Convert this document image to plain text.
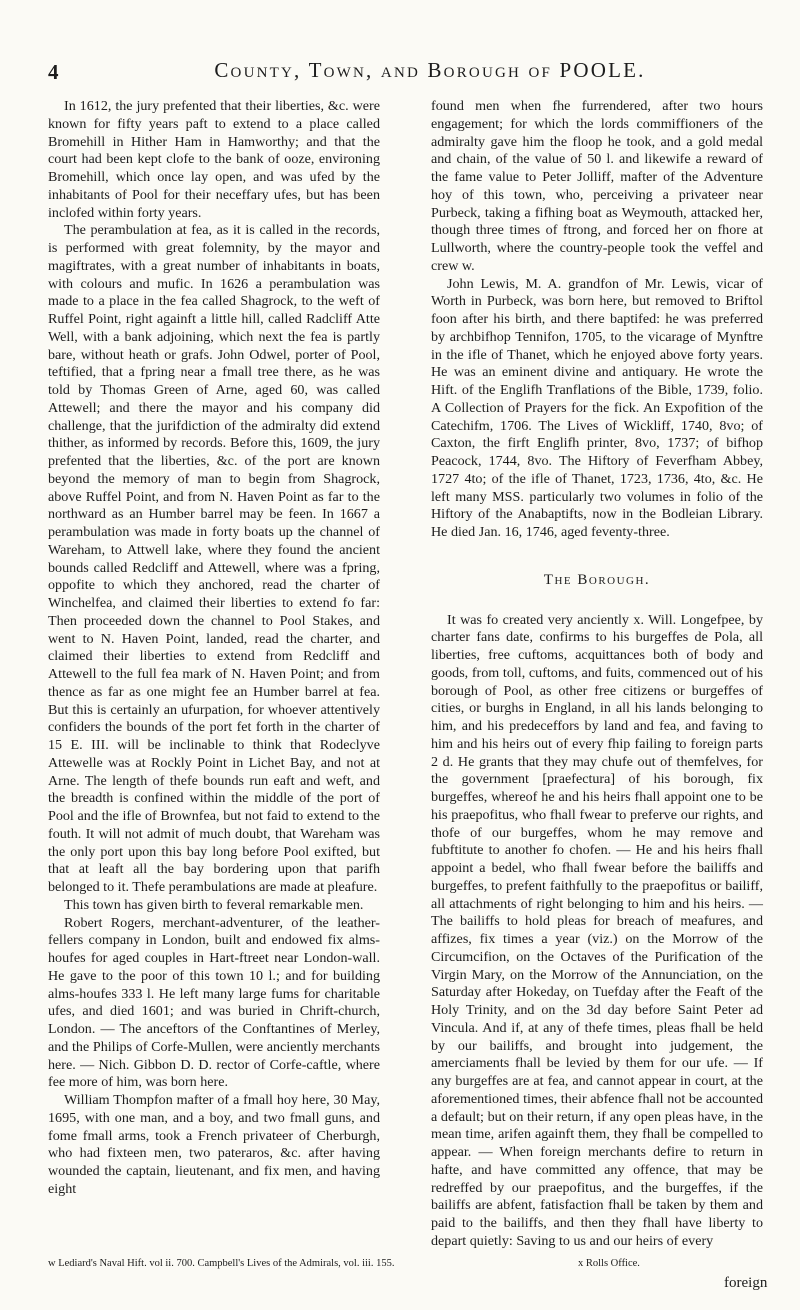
4	County, Town, and Borough of POOLE.

In 1612, the jury prefented that their liberties, &c. were known for fifty years paft to extend to a place called Bromehill in Hither Ham in Hamworthy; and that the court had been kept clofe to the bank of ooze, environing Bromehill, which once lay open, and was ufed by the inhabitants of Pool for their neceffary ufes, but has been inclofed within forty years.

The perambulation at fea, as it is called in the records, is performed with great folemnity, by the mayor and magiftrates, with a great number of inhabitants in boats, with colours and mufic. In 1626 a perambulation was made to a place in the fea called Shagrock, to the weft of Ruffel Point, right againft a little hill, called Radcliff Atte Well, with a bank adjoining, which next the fea is partly bare, without heath or grafs. John Odwel, porter of Pool, teftified, that a fpring near a fmall tree there, as he was told by Thomas Green of Arne, aged 60, was called Attewell; and there the mayor and his company did challenge, that the jurifdiction of the admiralty did extend thither, as informed by records. Before this, 1609, the jury prefented that the liberties, &c. of the port are known beyond the memory of man to begin from Shagrock, above Ruffel Point, and from N. Haven Point as far to the northward as an Humber barrel may be feen. In 1667 a perambulation was made in forty boats up the channel of Wareham, to Attwell lake, where they found the ancient bounds called Redcliff and Attewell, where was a fpring, oppofite to which they anchored, read the charter of Winchelfea, and claimed their liberties to extend fo far: Then proceeded down the channel to Pool Stakes, and went to N. Haven Point, landed, read the charter, and claimed their liberties to extend from Redcliff and Attewell to the full fea mark of N. Haven Point; and from thence as far as one might fee an Humber barrel at fea. But this is certainly an ufurpation, for whoever attentively confiders the bounds of the port fet forth in the charter of 15 E. III. will be inclinable to think that Rodeclyve Attewelle was at Rockly Point in Lichet Bay, and not at Arne. The length of thefe bounds run eaft and weft, and the breadth is confined within the middle of the port of Pool and the ifle of Brownfea, but not faid to extend to the fouth. It will not admit of much doubt, that Wareham was the only port upon this bay long before Pool exifted, but that at leaft all the bay bordering upon that parifh belonged to it. Thefe perambulations are made at pleafure.

This town has given birth to feveral remarkable men.

Robert Rogers, merchant-adventurer, of the leather-fellers company in London, built and endowed fix alms-houfes for aged couples in Hart-ftreet near London-wall. He gave to the poor of this town 10 l.; and for building alms-houfes 333 l. He left many large fums for charitable ufes, and died 1601; and was buried in Chrift-church, London. — The anceftors of the Conftantines of Merley, and the Philips of Corfe-Mullen, were anciently merchants here. — Nich. Gibbon D. D. rector of Corfe-caftle, where fee more of him, was born here.

William Thompfon mafter of a fmall hoy here, 30 May, 1695, with one man, and a boy, and two fmall guns, and fome fmall arms, took a French privateer of Cherburgh, who had fixteen men, two pateraros, &c. after having wounded the captain, lieutenant, and fix men, and having eight

found men when fhe furrendered, after two hours engagement; for which the lords commiffioners of the admiralty gave him the floop he took, and a gold medal and chain, of the value of 50 l. and likewife a reward of the fame value to Peter Jolliff, mafter of the Adventure hoy of this town, who, perceiving a privateer near Purbeck, taking a fifhing boat as Weymouth, attacked her, though three times of ftrong, and forced her on fhore at Lullworth, where the country-people took the veffel and crew w.

John Lewis, M. A. grandfon of Mr. Lewis, vicar of Worth in Purbeck, was born here, but removed to Briftol foon after his birth, and there baptifed: he was preferred by archbifhop Tennifon, 1705, to the vicarage of Mynftre in the ifle of Thanet, which he enjoyed above forty years. He was an eminent divine and antiquary. He wrote the Hift. of the Englifh Tranflations of the Bible, 1739, folio. A Collection of Prayers for the fick. An Expofition of the Catechifm, 1706. The Lives of Wickliff, 1740, 8vo; of Caxton, the firft Englifh printer, 8vo, 1737; of bifhop Peacock, 1744, 8vo. The Hiftory of Feverfham Abbey, 1727 4to; of the ifle of Thanet, 1723, 1736, 4to, &c. He left many MSS. particularly two volumes in folio of the Hiftory of the Anabaptifts, now in the Bodleian Library. He died Jan. 16, 1746, aged feventy-three.

The Borough.

It was fo created very anciently x. Will. Longefpee, by charter fans date, confirms to his burgeffes de Pola, all liberties, free cuftoms, acquittances both of body and goods, from toll, cuftoms, and fuits, commenced out of his borough of Pool, as other free citizens or burgeffes of cities, or burghs in England, in all his lands belonging to him, and his predeceffors by land and fea, and faving to him and his heirs out of every fhip failing to foreign parts 2 d. He grants that they may chufe out of themfelves, for the government [praefectura] of his borough, fix burgeffes, whereof he and his heirs fhall appoint one to be his praepofitus, who fhall fwear to preferve our rights, and thofe of our burgeffes, whom he may remove and fubftitute to another fo chofen. — He and his heirs fhall appoint a bedel, who fhall fwear before the bailiffs and burgeffes, to prefent faithfully to the praepofitus or bailiff, all attachments of right belonging to him and his heirs. — The bailiffs to hold pleas for breach of meafures, and affizes, fix times a year (viz.) on the Morrow of the Circumcifion, on the Octaves of the Purification of the Virgin Mary, on the Morrow of the Annunciation, on the Saturday after Hokeday, on Tuefday after the Feaft of the Holy Trinity, and on the 3d day before Saint Peter ad Vincula. And if, at any of thefe times, pleas fhall be held by our bailiffs, and brought into judgement, the amerciaments fhall be levied by them for our ufe. — If any burgeffes are at fea, and cannot appear in court, at the aforementioned times, their abfence fhall not be accounted a default; but on their return, if any open pleas have, in the mean time, arifen againft them, they fhall be compelled to appear. — When foreign merchants defire to return in hafte, and have committed any offence, that may be redreffed by our praepofitus, and the burgeffes, if the bailiffs are abfent, fatisfaction fhall be taken by them and paid to the bailiffs, and then they fhall have liberty to depart quietly: Saving to us and our heirs of every

w Lediard's Naval Hift. vol ii. 700. Campbell's Lives of the Admirals, vol. iii. 155.	x Rolls Office.
foreign
